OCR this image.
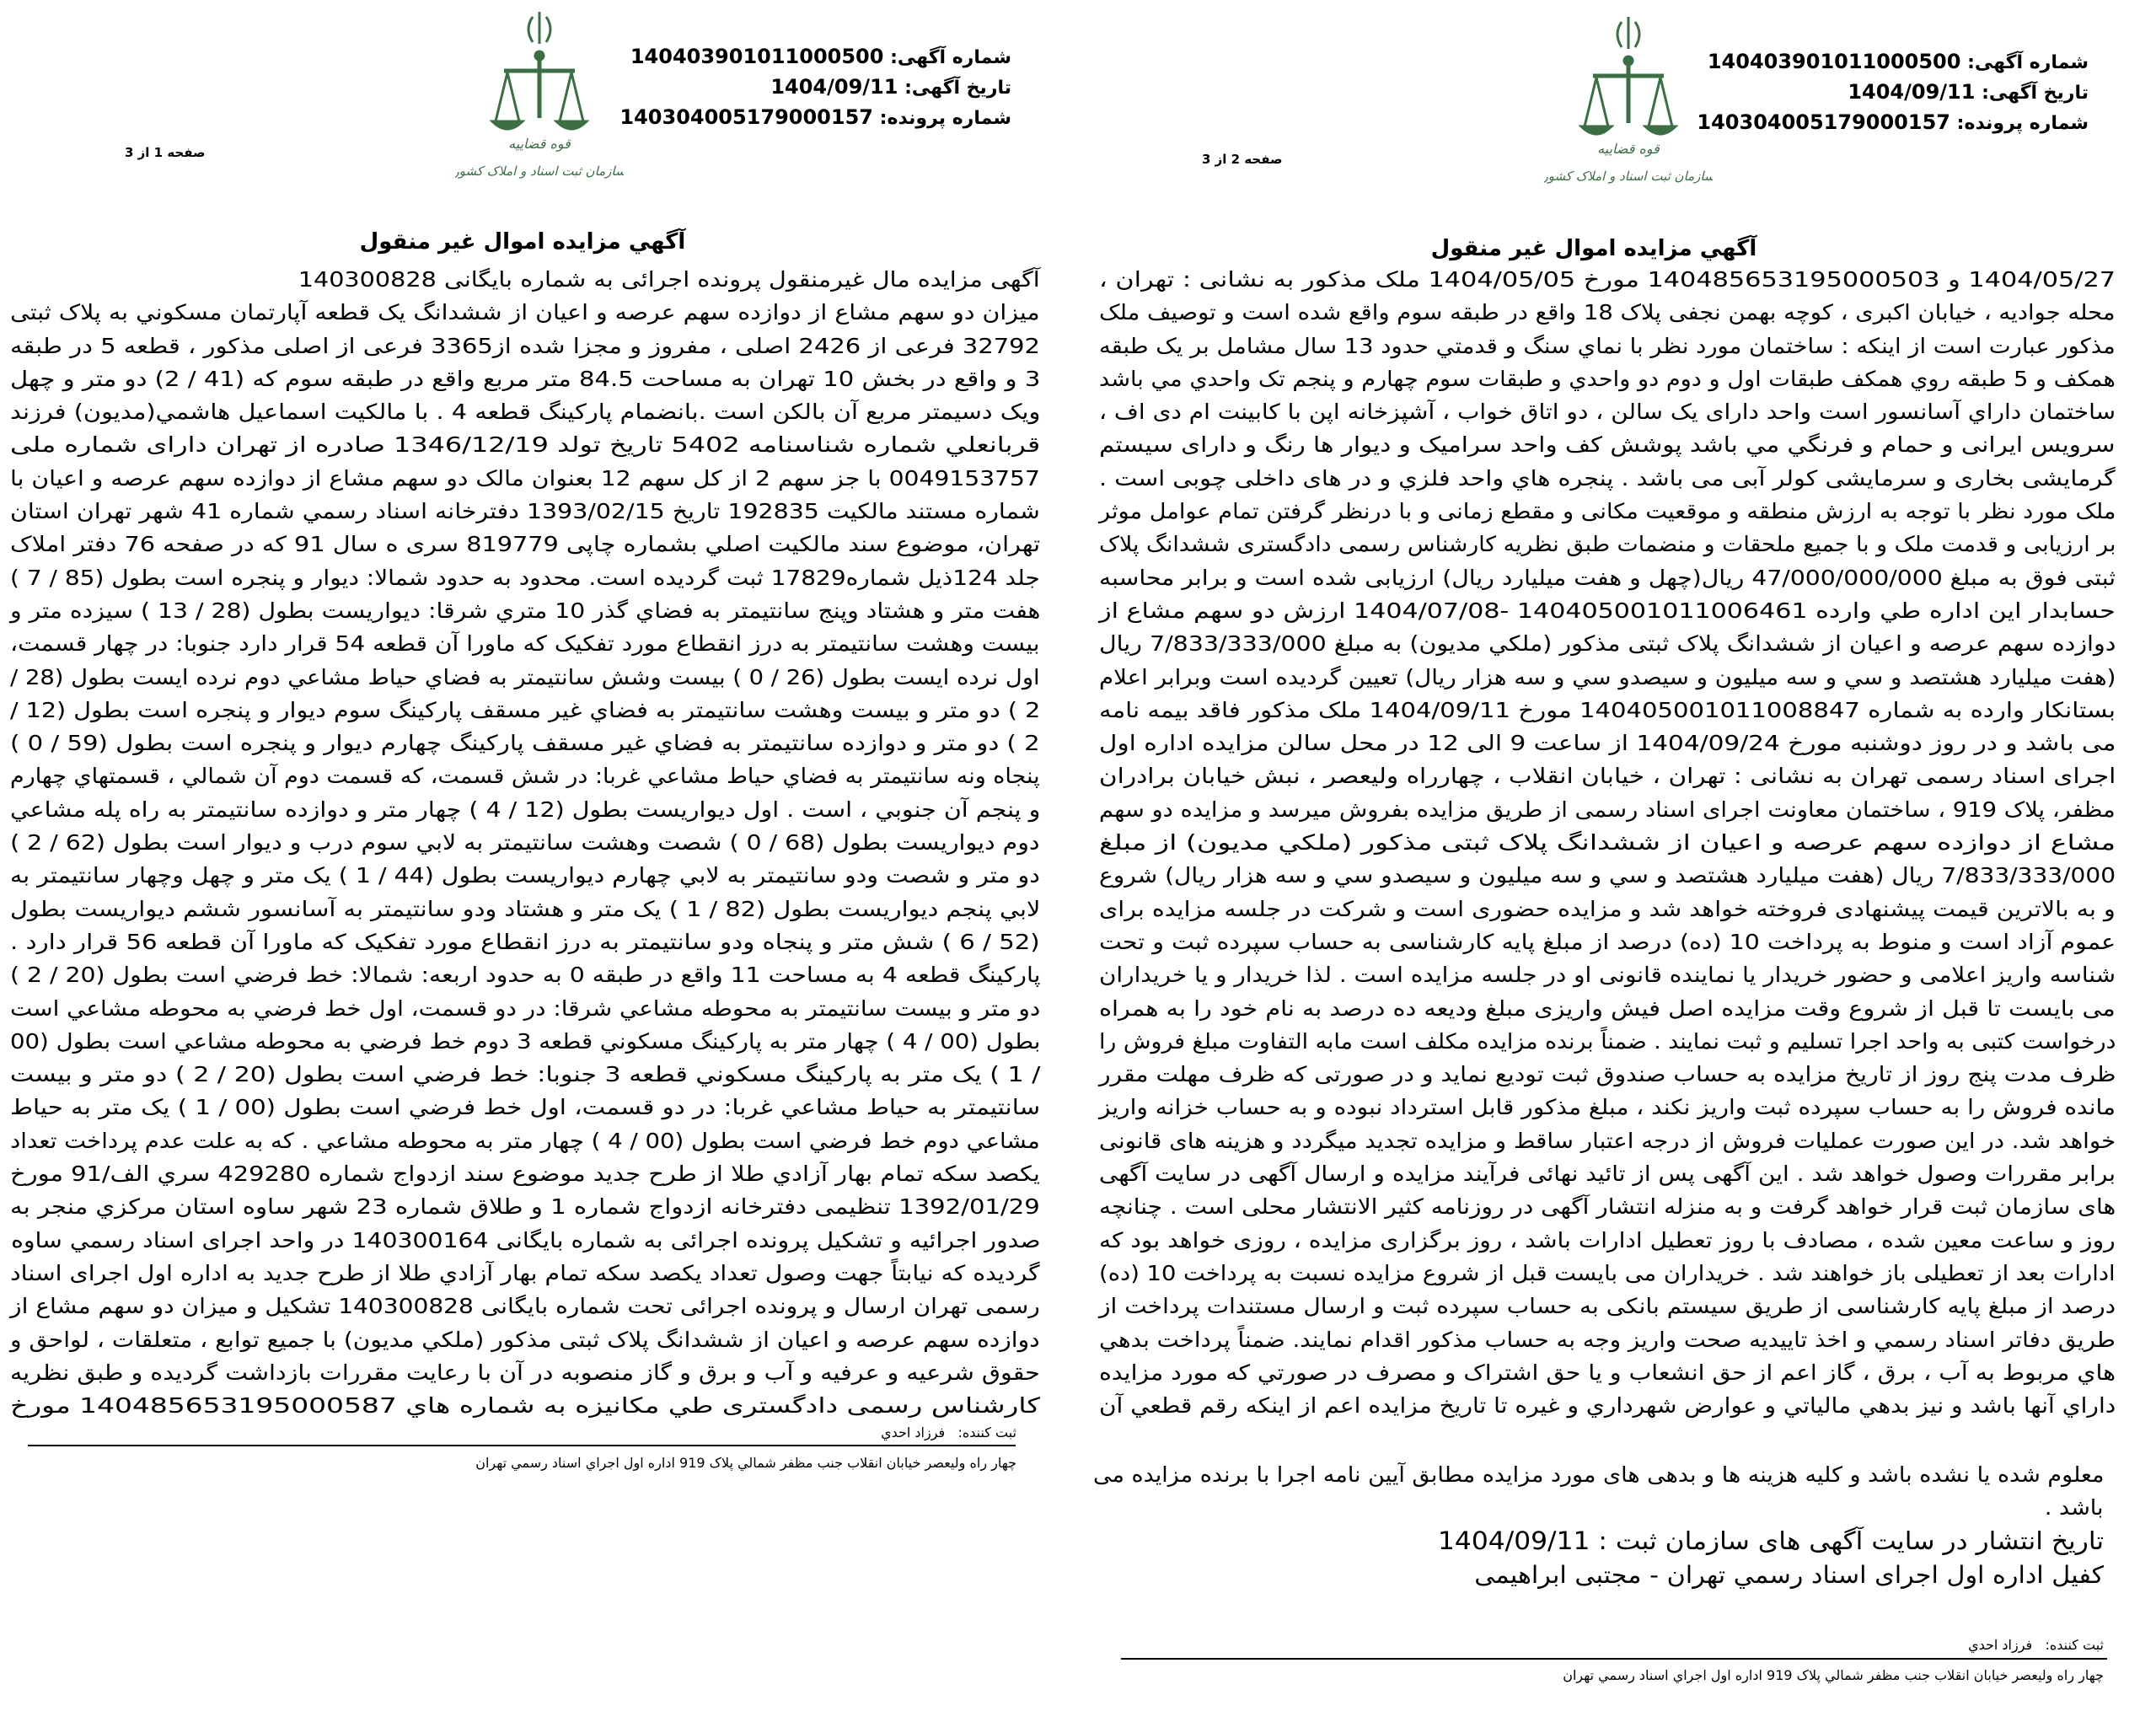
شماره آگهی: 140403901011000500
تاریخ آگهی: 1404/09/11
شماره پرونده: 140304005179000157
قوه قضاییه
سازمان ثبت اسناد و املاک کشور
صفحه 1 از 3
آگهي مزايده اموال غير منقول
آگهی مزایده مال غیرمنقول پرونده اجرائی به شماره بایگانی 140300828
میزان دو سهم مشاع از دوازده سهم عرصه و اعیان از ششدانگ یک قطعه آپارتمان مسکوني به پلاک ثبتی
32792 فرعی از 2426 اصلی ، مفروز و مجزا شده از3365 فرعی از اصلی مذکور ، قطعه 5 در طبقه
3 و واقع در بخش 10 تهران به مساحت 84.5 متر مربع واقع در طبقه سوم که (41 / 2) دو متر و چهل
ویک دسیمتر مربع آن بالکن است .بانضمام پارکینگ قطعه 4 . با مالکیت اسماعیل هاشمي(مدیون) فرزند
قربانعلي شماره شناسنامه 5402 تاریخ تولد 1346/12/19 صادره از تهران دارای شماره ملی
0049153757 با جز سهم 2 از کل سهم 12 بعنوان مالک دو سهم مشاع از دوازده سهم عرصه و اعیان با
شماره مستند مالکیت 192835 تاریخ 1393/02/15 دفترخانه اسناد رسمي شماره 41 شهر تهران استان
تهران، موضوع سند مالکیت اصلي بشماره چاپی 819779 سری ه سال 91 که در صفحه 76 دفتر املاک
جلد 124ذیل شماره17829 ثبت گردیده است. محدود به حدود شمالا: دیوار و پنجره است بطول (85 / 7 )
هفت متر و هشتاد وپنج سانتیمتر به فضاي گذر 10 متري شرقا: دیواریست بطول (28 / 13 ) سیزده متر و
بیست وهشت سانتیمتر به درز انقطاع مورد تفکیک که ماورا آن قطعه 54 قرار دارد جنوبا: در چهار قسمت،
اول نرده ایست بطول (26 / 0 ) بیست وشش سانتیمتر به فضاي حیاط مشاعي دوم نرده ایست بطول (28 /
2 ) دو متر و بیست وهشت سانتیمتر به فضاي غیر مسقف پارکینگ سوم دیوار و پنجره است بطول (12 /
2 ) دو متر و دوازده سانتیمتر به فضاي غیر مسقف پارکینگ چهارم دیوار و پنجره است بطول (59 / 0 )
پنجاه ونه سانتیمتر به فضاي حیاط مشاعي غربا: در شش قسمت، که قسمت دوم آن شمالي ، قسمتهاي چهارم
و پنجم آن جنوبي ، است . اول دیواریست بطول (12 / 4 ) چهار متر و دوازده سانتیمتر به راه پله مشاعي
دوم دیواریست بطول (68 / 0 ) شصت وهشت سانتیمتر به لابي سوم درب و دیوار است بطول (62 / 2 )
دو متر و شصت ودو سانتیمتر به لابي چهارم دیواریست بطول (44 / 1 ) یک متر و چهل وچهار سانتیمتر به
لابي پنجم دیواریست بطول (82 / 1 ) یک متر و هشتاد ودو سانتیمتر به آسانسور ششم دیواریست بطول
(52 / 6 ) شش متر و پنجاه ودو سانتیمتر به درز انقطاع مورد تفکیک که ماورا آن قطعه 56 قرار دارد .
پارکینگ قطعه 4 به مساحت 11 واقع در طبقه 0 به حدود اربعه: شمالا: خط فرضي است بطول (20 / 2 )
دو متر و بیست سانتیمتر به محوطه مشاعي شرقا: در دو قسمت، اول خط فرضي به محوطه مشاعي است
بطول (00 / 4 ) چهار متر به پارکینگ مسکوني قطعه 3 دوم خط فرضي به محوطه مشاعي است بطول (00
/ 1 ) یک متر به پارکینگ مسکوني قطعه 3 جنوبا: خط فرضي است بطول (20 / 2 ) دو متر و بیست
سانتیمتر به حیاط مشاعي غربا: در دو قسمت، اول خط فرضي است بطول (00 / 1 ) یک متر به حیاط
مشاعي دوم خط فرضي است بطول (00 / 4 ) چهار متر به محوطه مشاعي . که به علت عدم پرداخت تعداد
یکصد سکه تمام بهار آزادي طلا از طرح جدید موضوع سند ازدواج شماره 429280 سري الف/91 مورخ
1392/01/29 تنظیمی دفترخانه ازدواج شماره 1 و طلاق شماره 23 شهر ساوه استان مرکزي منجر به
صدور اجرائیه و تشکیل پرونده اجرائی به شماره بایگانی 140300164 در واحد اجرای اسناد رسمي ساوه
گردیده که نیابتاً جهت وصول تعداد یکصد سکه تمام بهار آزادي طلا از طرح جدید به اداره اول اجرای اسناد
رسمی تهران ارسال و پرونده اجرائی تحت شماره بایگانی 140300828 تشکیل و میزان دو سهم مشاع از
دوازده سهم عرصه و اعیان از ششدانگ پلاک ثبتی مذکور (ملکي مدیون) با جمیع توابع ، متعلقات ، لواحق و
حقوق شرعیه و عرفیه و آب و برق و گاز منصوبه در آن با رعایت مقررات بازداشت گردیده و طبق نظریه
کارشناس رسمی دادگستری طي مکانیزه به شماره هاي 140485653195000587 مورخ
ثبت کننده:   فرزاد احدي
چهار راه وليعصر خيابان انقلاب جنب مظفر شمالي پلاک 919 اداره اول اجراي اسناد رسمي تهران
شماره آگهی: 140403901011000500
تاریخ آگهی: 1404/09/11
شماره پرونده: 140304005179000157
قوه قضاییه
سازمان ثبت اسناد و املاک کشور
صفحه 2 از 3
آگهي مزايده اموال غير منقول
1404/05/27 و 140485653195000503 مورخ 1404/05/05 ملک مذکور به نشانی : تهران ،
محله جوادیه ، خیابان اکبری ، کوچه بهمن نجفی پلاک 18 واقع در طبقه سوم واقع شده است و توصیف ملک
مذکور عبارت است از اینکه : ساختمان مورد نظر با نماي سنگ و قدمتي حدود 13 سال مشامل بر یک طبقه
همکف و 5 طبقه روي همکف طبقات اول و دوم دو واحدي و طبقات سوم چهارم و پنجم تک واحدي مي باشد
ساختمان داراي آسانسور است واحد دارای یک سالن ، دو اتاق خواب ، آشپزخانه اپن با کابینت ام دی اف ،
سرویس ایرانی و حمام و فرنگي مي باشد پوشش کف واحد سرامیک و دیوار ها رنگ و دارای سیستم
گرمایشی بخاری و سرمایشی کولر آبی می باشد . پنجره هاي واحد فلزي و در های داخلی چوبی است .
ملک مورد نظر با توجه به ارزش منطقه و موقعیت مکانی و مقطع زمانی و با درنظر گرفتن تمام عوامل موثر
بر ارزیابی و قدمت ملک و با جمیع ملحقات و منضمات طبق نظریه کارشناس رسمی دادگستری ششدانگ پلاک
ثبتی فوق به مبلغ 47/000/000/000 ریال(چهل و هفت میلیارد ریال) ارزیابی شده است و برابر محاسبه
حسابدار این اداره طي وارده 140405001011006461 -1404/07/08 ارزش دو سهم مشاع از
دوازده سهم عرصه و اعیان از ششدانگ پلاک ثبتی مذکور (ملکي مدیون) به مبلغ 7/833/333/000 ریال
(هفت میلیارد هشتصد و سي و سه میلیون و سیصدو سي و سه هزار ریال) تعیین گردیده است وبرابر اعلام
بستانکار وارده به شماره 140405001011008847 مورخ 1404/09/11 ملک مذکور فاقد بیمه نامه
می باشد و در روز دوشنبه مورخ 1404/09/24 از ساعت 9 الی 12 در محل سالن مزایده اداره اول
اجرای اسناد رسمی تهران به نشانی : تهران ، خیابان انقلاب ، چهارراه ولیعصر ، نبش خیابان برادران
مظفر، پلاک 919 ، ساختمان معاونت اجرای اسناد رسمی از طریق مزایده بفروش میرسد و مزایده دو سهم
مشاع از دوازده سهم عرصه و اعیان از ششدانگ پلاک ثبتی مذکور (ملکي مدیون) از مبلغ
7/833/333/000 ریال (هفت میلیارد هشتصد و سي و سه میلیون و سیصدو سي و سه هزار ریال) شروع
و به بالاترین قیمت پیشنهادی فروخته خواهد شد و مزایده حضوری است و شرکت در جلسه مزایده برای
عموم آزاد است و منوط به پرداخت 10 (ده) درصد از مبلغ پایه کارشناسی به حساب سپرده ثبت و تحت
شناسه واریز اعلامی و حضور خریدار یا نماینده قانونی او در جلسه مزایده است . لذا خریدار و یا خریداران
می بایست تا قبل از شروع وقت مزایده اصل فیش واریزی مبلغ ودیعه ده درصد به نام خود را به همراه
درخواست کتبی به واحد اجرا تسلیم و ثبت نمایند . ضمناً برنده مزایده مکلف است مابه التفاوت مبلغ فروش را
ظرف مدت پنج روز از تاریخ مزایده به حساب صندوق ثبت تودیع نماید و در صورتی که ظرف مهلت مقرر
مانده فروش را به حساب سپرده ثبت واریز نکند ، مبلغ مذکور قابل استرداد نبوده و به حساب خزانه واریز
خواهد شد. در این صورت عملیات فروش از درجه اعتبار ساقط و مزایده تجدید میگردد و هزینه های قانونی
برابر مقررات وصول خواهد شد . این آگهی پس از تائید نهائی فرآیند مزایده و ارسال آگهی در سایت آگهی
های سازمان ثبت قرار خواهد گرفت و به منزله انتشار آگهی در روزنامه کثیر الانتشار محلی است . چنانچه
روز و ساعت معین شده ، مصادف با روز تعطیل ادارات باشد ، روز برگزاری مزایده ، روزی خواهد بود که
ادارات بعد از تعطیلی باز خواهند شد . خریداران می بایست قبل از شروع مزایده نسبت به پرداخت 10 (ده)
درصد از مبلغ پایه کارشناسی از طریق سیستم بانکی به حساب سپرده ثبت و ارسال مستندات پرداخت از
طریق دفاتر اسناد رسمي و اخذ تاییدیه صحت واریز وجه به حساب مذکور اقدام نمایند. ضمناً پرداخت بدهي
هاي مربوط به آب ، برق ، گاز اعم از حق انشعاب و یا حق اشتراک و مصرف در صورتي که مورد مزایده
داراي آنها باشد و نیز بدهي مالیاتي و عوارض شهرداري و غیره تا تاریخ مزایده اعم از اینکه رقم قطعي آن
معلوم شده یا نشده باشد و کلیه هزینه ها و بدهی های مورد مزایده مطابق آیین نامه اجرا با برنده مزایده می
باشد .
تاریخ انتشار در سایت آگهی های سازمان ثبت : 1404/09/11
کفیل اداره اول اجرای اسناد رسمي تهران - مجتبی ابراهیمی
ثبت کننده:   فرزاد احدي
چهار راه وليعصر خيابان انقلاب جنب مظفر شمالي پلاک 919 اداره اول اجراي اسناد رسمي تهران
